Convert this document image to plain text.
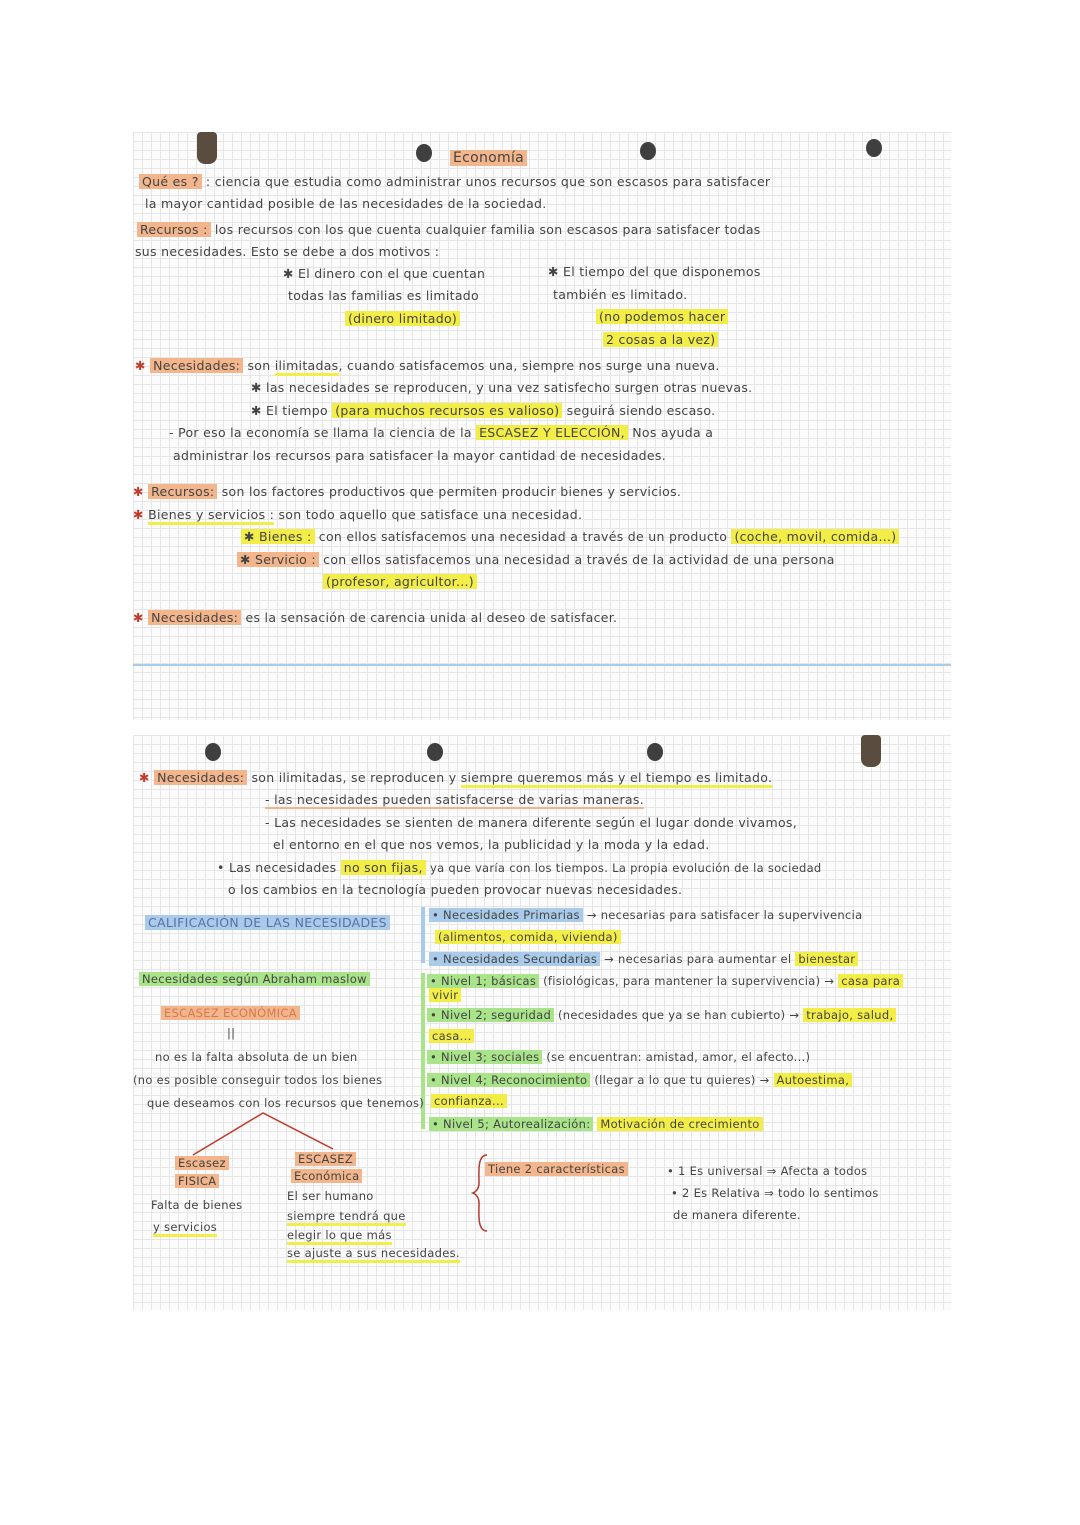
Economía
Qué es ? : ciencia que estudia como administrar unos recursos que son escasos para satisfacer
la mayor cantidad posible de las necesidades de la sociedad.
Recursos : los recursos con los que cuenta cualquier familia son escasos para satisfacer todas
sus necesidades. Esto se debe a dos motivos :
✱ El dinero con el que cuentan
todas las familias es limitado
(dinero limitado)
✱ El tiempo del que disponemos
también es limitado.
(no podemos hacer
2 cosas a la vez)
✱ Necesidades: son ilimitadas, cuando satisfacemos una, siempre nos surge una nueva.
✱ las necesidades se reproducen, y una vez satisfecho surgen otras nuevas.
✱ El tiempo (para muchos recursos es valioso) seguirá siendo escaso.
- Por eso la economía se llama la ciencia de la ESCASEZ Y ELECCIÓN, Nos ayuda a
administrar los recursos para satisfacer la mayor cantidad de necesidades.
✱ Recursos: son los factores productivos que permiten producir bienes y servicios.
✱ Bienes y servicios : son todo aquello que satisface una necesidad.
✱ Bienes : con ellos satisfacemos una necesidad a través de un producto (coche, movil, comida...)
✱ Servicio : con ellos satisfacemos una necesidad a través de la actividad de una persona
(profesor, agricultor...)
✱ Necesidades: es la sensación de carencia unida al deseo de satisfacer.
✱ Necesidades: son ilimitadas, se reproducen y siempre queremos más y el tiempo es limitado.
- las necesidades pueden satisfacerse de varias maneras.
- Las necesidades se sienten de manera diferente según el lugar donde vivamos,
el entorno en el que nos vemos, la publicidad y la moda y la edad.
• Las necesidades no son fijas, ya que varía con los tiempos. La propia evolución de la sociedad
o los cambios en la tecnología pueden provocar nuevas necesidades.
CALIFICACIÓN DE LAS NECESIDADES	• Necesidades Primarias → necesarias para satisfacer la supervivencia
(alimentos, comida, vivienda)
• Necesidades Secundarias → necesarias para aumentar el bienestar
Necesidades según Abraham maslow	• Nivel 1; básicas (fisiológicas, para mantener la supervivencia) → casa para
vivir
• Nivel 2; seguridad (necesidades que ya se han cubierto) → trabajo, salud,
casa...
• Nivel 3; sociales (se encuentran: amistad, amor, el afecto...)
• Nivel 4; Reconocimiento (llegar a lo que tu quieres) → Autoestima,
confianza...
• Nivel 5; Autorealización: Motivación de crecimiento
ESCASEZ ECONÓMICA
||
no es la falta absoluta de un bien
(no es posible conseguir todos los bienes
que deseamos con los recursos que tenemos)
Escasez
FISICA
Falta de bienes
y servicios
ESCASEZ
Económica
El ser humano
siempre tendrá que
elegir lo que más
se ajuste a sus necesidades.
Tiene 2 características	• 1 Es universal ⇒ Afecta a todos
• 2 Es Relativa ⇒ todo lo sentimos
de manera diferente.
